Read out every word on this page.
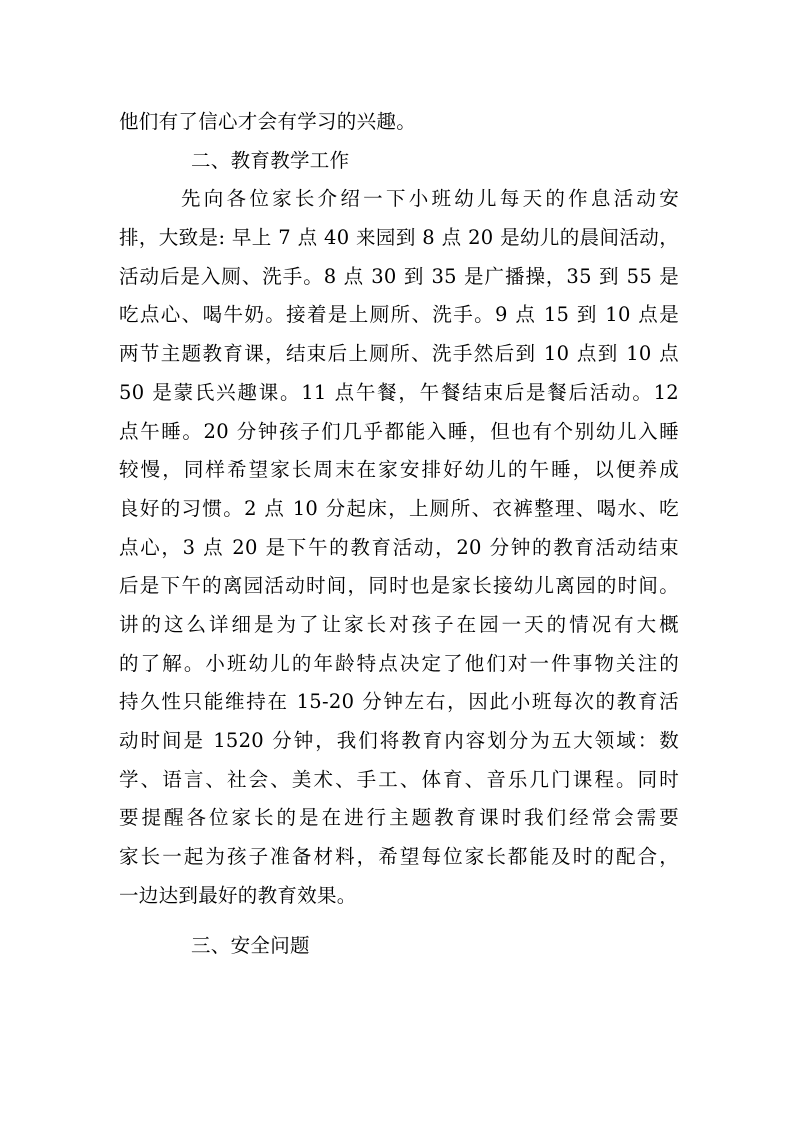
他们有了信心才会有学习的兴趣。
二、教育教学工作
先向各位家长介绍一下小班幼儿每天的作息活动安
排，大致是: 早上 7 点 40 来园到 8 点 20 是幼儿的晨间活动，
活动后是入厕、洗手。8 点 30 到 35 是广播操，35 到 55 是
吃点心、喝牛奶。接着是上厕所、洗手。9 点 15 到 10 点是
两节主题教育课，结束后上厕所、洗手然后到 10 点到 10 点
50 是蒙氏兴趣课。11 点午餐，午餐结束后是餐后活动。12
点午睡。20 分钟孩子们几乎都能入睡，但也有个别幼儿入睡
较慢，同样希望家长周末在家安排好幼儿的午睡，以便养成
良好的习惯。2 点 10 分起床，上厕所、衣裤整理、喝水、吃
点心，3 点 20 是下午的教育活动，20 分钟的教育活动结束
后是下午的离园活动时间，同时也是家长接幼儿离园的时间。
讲的这么详细是为了让家长对孩子在园一天的情况有大概
的了解。小班幼儿的年龄特点决定了他们对一件事物关注的
持久性只能维持在 15-20 分钟左右，因此小班每次的教育活
动时间是 1520 分钟，我们将教育内容划分为五大领域：数
学、语言、社会、美术、手工、体育、音乐几门课程。同时
要提醒各位家长的是在进行主题教育课时我们经常会需要
家长一起为孩子准备材料，希望每位家长都能及时的配合，
一边达到最好的教育效果。
三、安全问题
